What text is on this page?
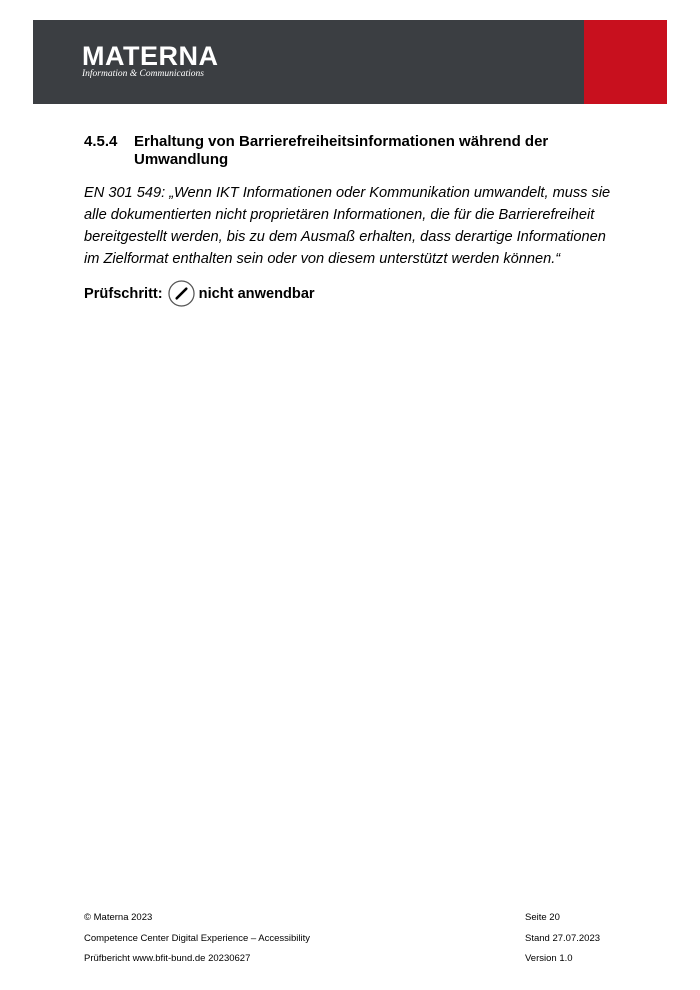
MATERNA
Information & Communications
4.5.4	Erhaltung von Barrierefreiheitsinformationen während der Umwandlung
EN 301 549: „Wenn IKT Informationen oder Kommunikation umwandelt, muss sie alle dokumentierten nicht proprietären Informationen, die für die Barrierefreiheit bereitgestellt werden, bis zu dem Ausmaß erhalten, dass derartige Informationen im Zielformat enthalten sein oder von diesem unterstützt werden können.“
Prüfschritt: nicht anwendbar
© Materna 2023	Seite 20
Competence Center Digital Experience – Accessibility	Stand 27.07.2023
Prüfbericht www.bfit-bund.de 20230627	Version 1.0
